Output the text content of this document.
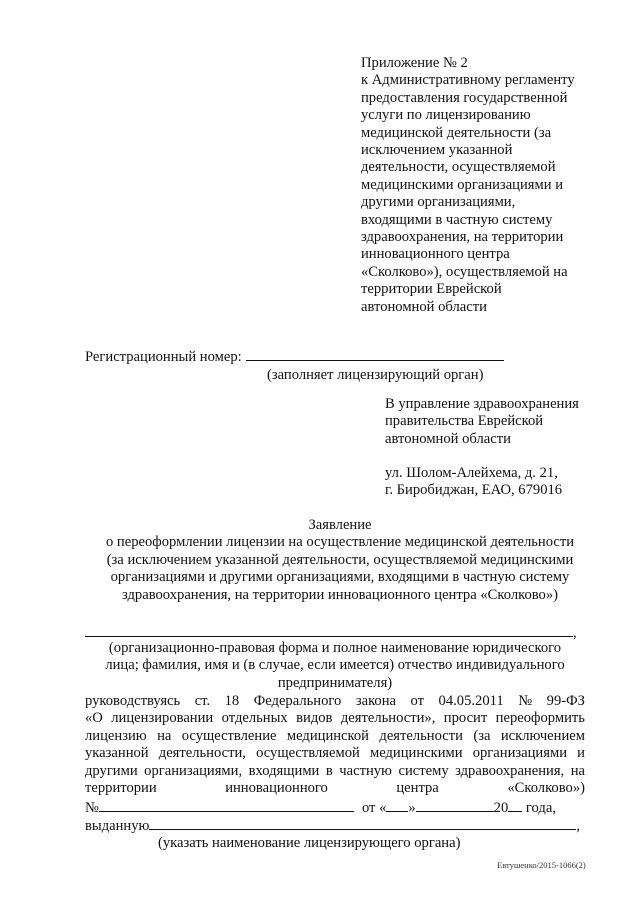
Приложение № 2
к Административному регламенту
предоставления государственной
услуги по лицензированию
медицинской деятельности (за
исключением указанной
деятельности, осуществляемой
медицинскими организациями и
другими организациями,
входящими в частную систему
здравоохранения, на территории
инновационного центра
«Сколково»), осуществляемой на
территории Еврейской
автономной области
Регистрационный номер:
(заполняет лицензирующий орган)
В управление здравоохранения
правительства Еврейской
автономной области
ул. Шолом-Алейхема, д. 21,
г. Биробиджан, ЕАО, 679016
Заявление
о переоформлении лицензии на осуществление медицинской деятельности
(за исключением указанной деятельности, осуществляемой медицинскими
организациями и другими организациями, входящими в частную систему
здравоохранения, на территории инновационного центра «Сколково»)
,
(организационно-правовая форма и полное наименование юридического
лица; фамилия, имя и (в случае, если имеется) отчество индивидуального
предпринимателя)
руководствуясь ст. 18 Федерального закона от 04.05.2011 № 99-ФЗ
«О лицензировании отдельных видов деятельности», просит переоформить
лицензию на осуществление медицинской деятельности (за исключением
указанной деятельности, осуществляемой медицинскими организациями и
другими организациями, входящими в частную систему здравоохранения, на
территории	инновационного	центра	«Сколково»)
№	от « »	20 года,
выданную	,
(указать наименование лицензирующего органа)
Евтушенко/2015-1066(2)
